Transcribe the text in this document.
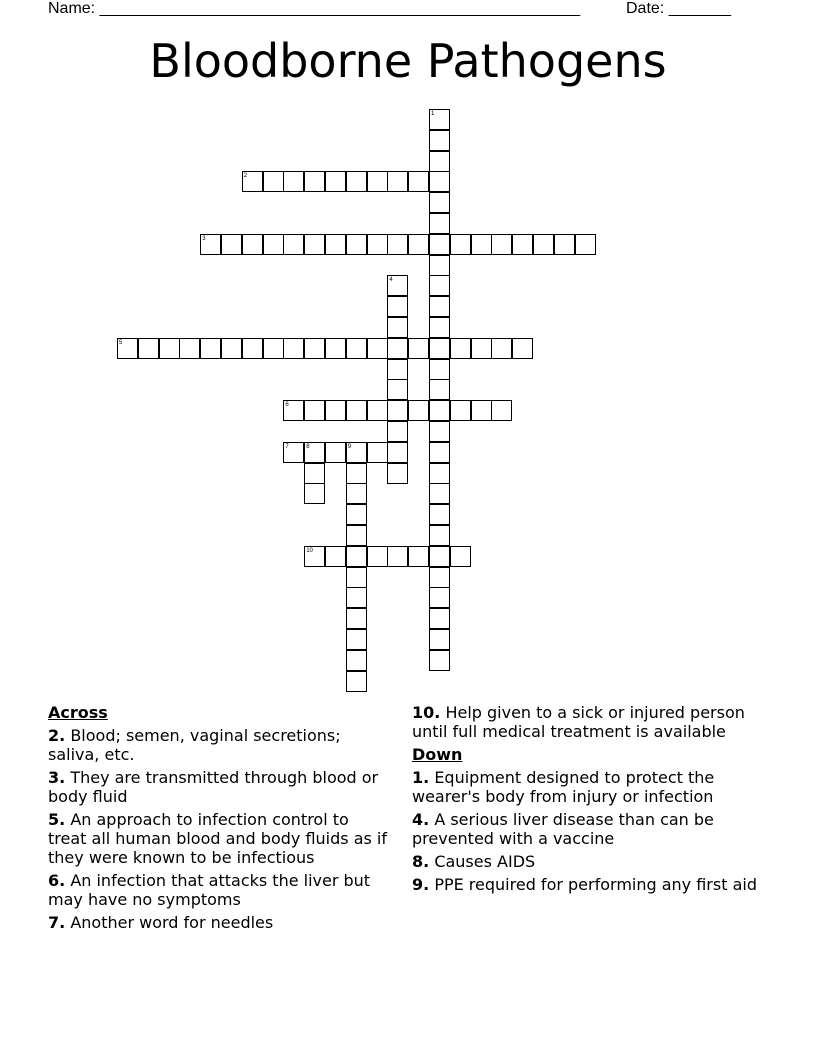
Name: ______________________________________________________	Date: _______
Bloodborne Pathogens
1
2
3
4
5
6
7	8	9
10
Across
2. Blood; semen, vaginal secretions; saliva, etc.
3. They are transmitted through blood or body fluid
5. An approach to infection control to treat all human blood and body fluids as if they were known to be infectious
6. An infection that attacks the liver but may have no symptoms
7. Another word for needles
10. Help given to a sick or injured person until full medical treatment is available
Down
1. Equipment designed to protect the wearer's body from injury or infection
4. A serious liver disease than can be prevented with a vaccine
8. Causes AIDS
9. PPE required for performing any first aid
